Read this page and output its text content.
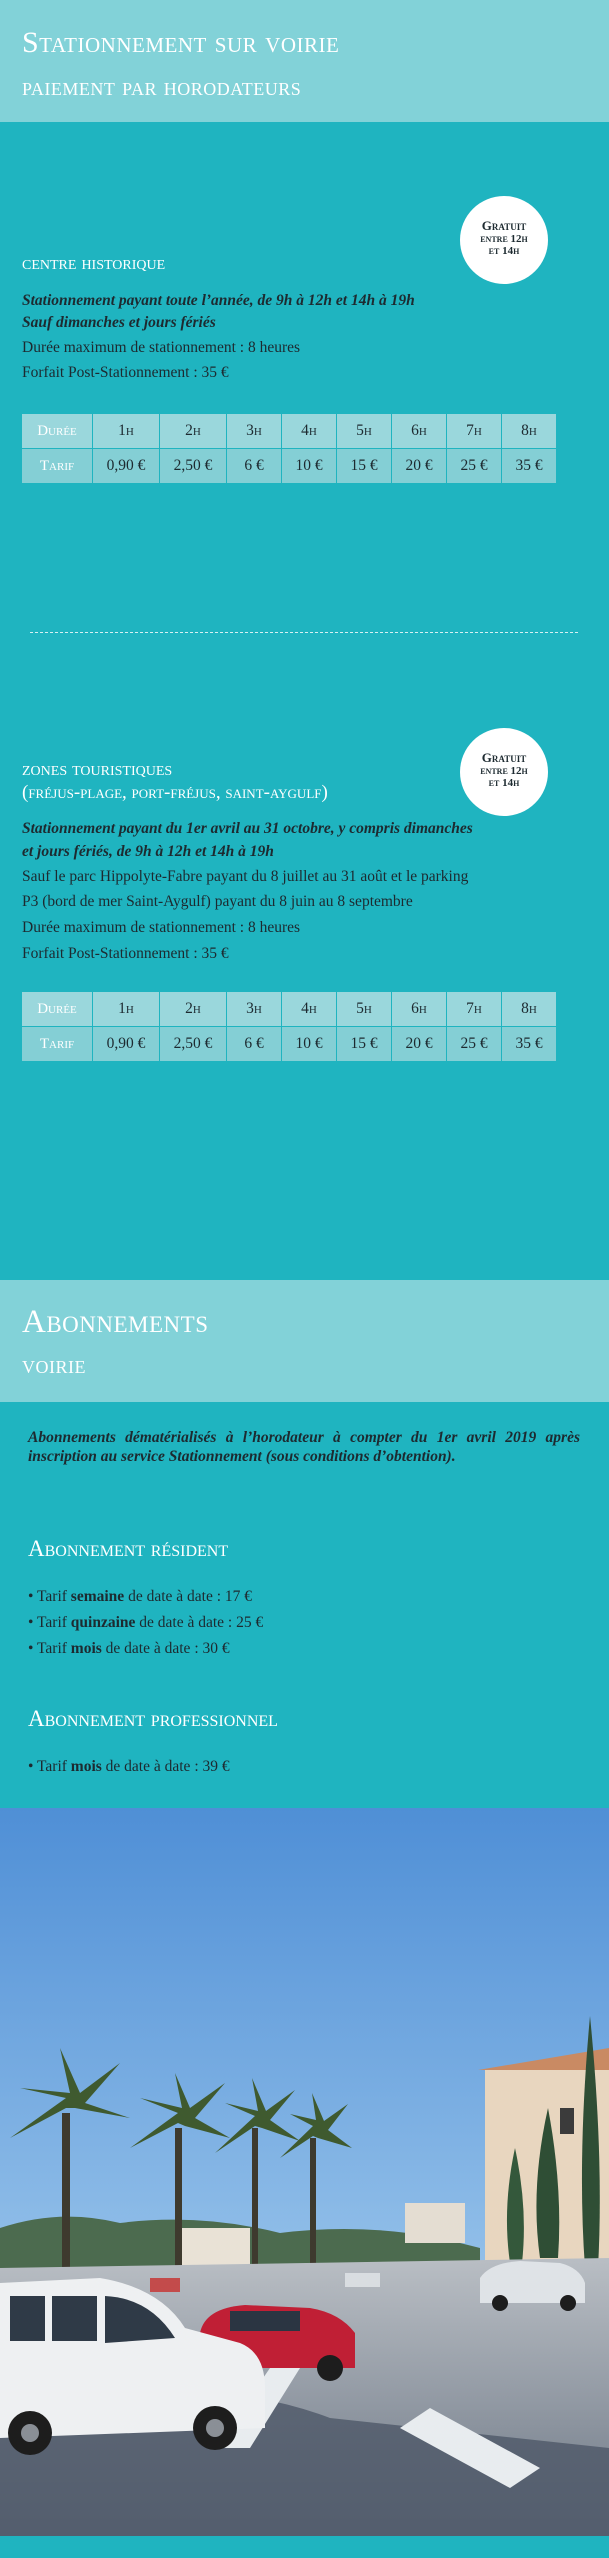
Stationnement sur voirie
paiement par horodateurs
Gratuit
entre 12h
et 14h
centre historique
Stationnement payant toute l’année, de 9h à 12h et 14h à 19h
Sauf dimanches et jours fériés
Durée maximum de stationnement : 8 heures
Forfait Post-Stationnement : 35 €
Durée	1h	2h	3h	4h	5h	6h	7h	8h
Tarif	0,90 €	2,50 €	6 €	10 €	15 €	20 €	25 €	35 €
Gratuit
entre 12h
et 14h
zones touristiques
(fréjus-plage, port-fréjus, saint-aygulf)
Stationnement payant du 1er avril au 31 octobre, y compris dimanches
et jours fériés, de 9h à 12h et 14h à 19h
Sauf le parc Hippolyte-Fabre payant du 8 juillet au 31 août et le parking
P3 (bord de mer Saint-Aygulf) payant du 8 juin au 8 septembre
Durée maximum de stationnement : 8 heures
Forfait Post-Stationnement : 35 €
Durée	1h	2h	3h	4h	5h	6h	7h	8h
Tarif	0,90 €	2,50 €	6 €	10 €	15 €	20 €	25 €	35 €
Abonnements
voirie
Abonnements dématérialisés à l’horodateur à compter du 1er avril 2019 après inscription au service Stationnement (sous conditions d’obtention).
Abonnement résident
• Tarif semaine de date à date : 17 €
• Tarif quinzaine de date à date : 25 €
• Tarif mois de date à date : 30 €
Abonnement professionnel
• Tarif mois de date à date : 39 €
